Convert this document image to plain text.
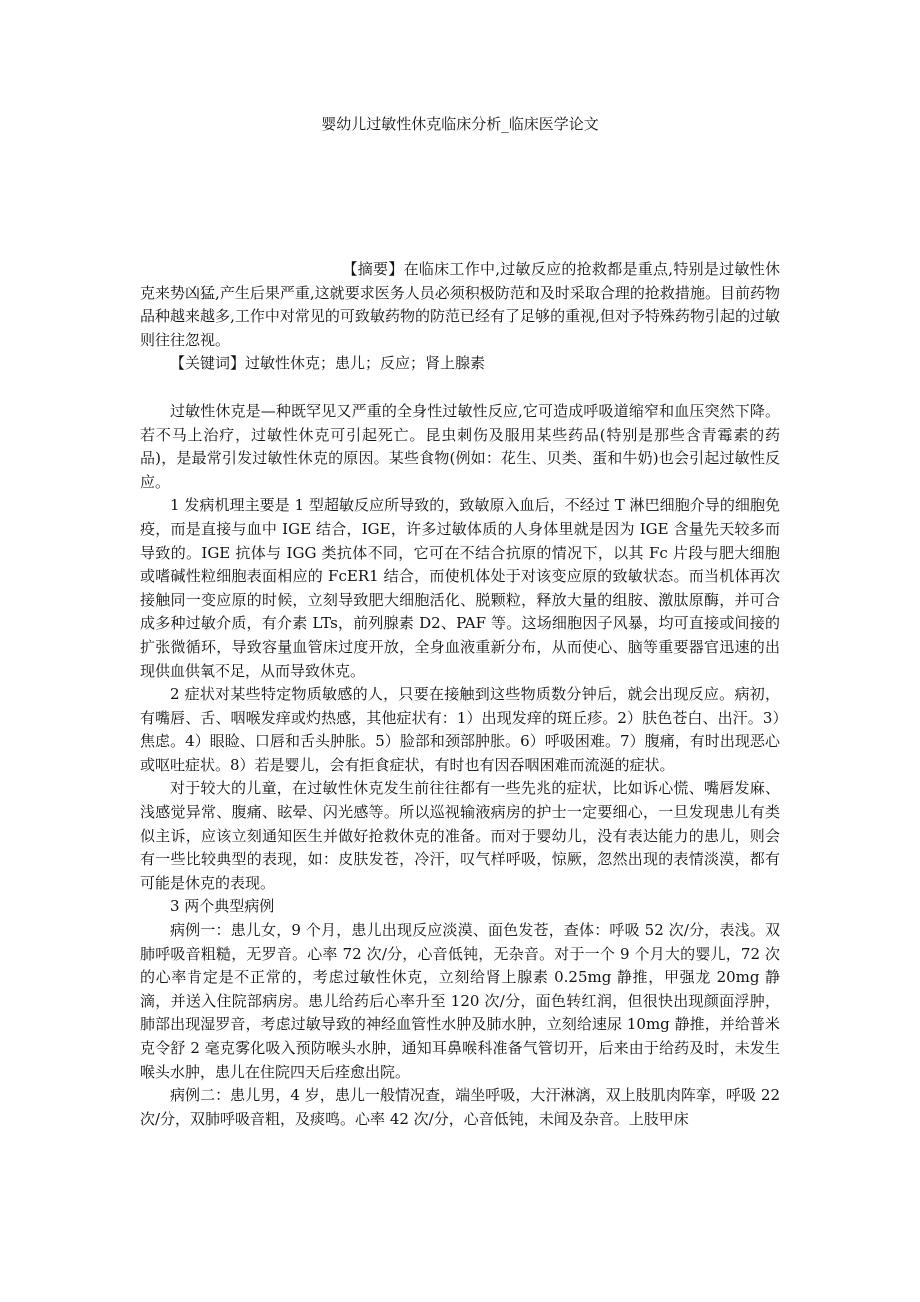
婴幼儿过敏性休克临床分析_临床医学论文

【摘要】在临床工作中,过敏反应的抢救都是重点,特别是过敏性休克来势凶猛,产生后果严重,这就要求医务人员必须积极防范和及时采取合理的抢救措施。目前药物品种越来越多,工作中对常见的可致敏药物的防范已经有了足够的重视,但对予特殊药物引起的过敏则往往忽视。

【关键词】过敏性休克；患儿；反应；肾上腺素

过敏性休克是—种既罕见又严重的全身性过敏性反应,它可造成呼吸道缩窄和血压突然下降。若不马上治疗，过敏性休克可引起死亡。昆虫刺伤及服用某些药品(特别是那些含青霉素的药品)，是最常引发过敏性休克的原因。某些食物(例如：花生、贝类、蛋和牛奶)也会引起过敏性反应。

1 发病机理主要是 1 型超敏反应所导致的，致敏原入血后，不经过 T 淋巴细胞介导的细胞免疫，而是直接与血中 IGE 结合，IGE，许多过敏体质的人身体里就是因为 IGE 含量先天较多而导致的。IGE 抗体与 IGG 类抗体不同，它可在不结合抗原的情况下，以其 Fc 片段与肥大细胞或嗜碱性粒细胞表面相应的 FcER1 结合，而使机体处于对该变应原的致敏状态。而当机体再次接触同一变应原的时候，立刻导致肥大细胞活化、脱颗粒，释放大量的组胺、激肽原酶，并可合成多种过敏介质，有介素 LTs，前列腺素 D2、PAF 等。这场细胞因子风暴，均可直接或间接的扩张微循环，导致容量血管床过度开放，全身血液重新分布，从而使心、脑等重要器官迅速的出现供血供氧不足，从而导致休克。

2 症状对某些特定物质敏感的人，只要在接触到这些物质数分钟后，就会出现反应。病初，有嘴唇、舌、咽喉发痒或灼热感，其他症状有：1）出现发痒的斑丘疹。2）肤色苍白、出汗。3）焦虑。4）眼睑、口唇和舌头肿胀。5）脸部和颈部肿胀。6）呼吸困难。7）腹痛，有时出现恶心或呕吐症状。8）若是婴儿，会有拒食症状，有时也有因吞咽困难而流涎的症状。

对于较大的儿童，在过敏性休克发生前往往都有一些先兆的症状，比如诉心慌、嘴唇发麻、浅感觉异常、腹痛、眩晕、闪光感等。所以巡视输液病房的护士一定要细心，一旦发现患儿有类似主诉，应该立刻通知医生并做好抢救休克的准备。而对于婴幼儿，没有表达能力的患儿，则会有一些比较典型的表现，如：皮肤发苍，冷汗，叹气样呼吸，惊厥，忽然出现的表情淡漠，都有可能是休克的表现。

3 两个典型病例

病例一：患儿女，9 个月，患儿出现反应淡漠、面色发苍，查体：呼吸 52 次/分，表浅。双肺呼吸音粗糙，无罗音。心率 72 次/分，心音低钝，无杂音。对于一个 9 个月大的婴儿，72 次的心率肯定是不正常的，考虑过敏性休克，立刻给肾上腺素 0.25mg 静推，甲强龙 20mg 静滴，并送入住院部病房。患儿给药后心率升至 120 次/分，面色转红润，但很快出现颜面浮肿，肺部出现湿罗音，考虑过敏导致的神经血管性水肿及肺水肿，立刻给速尿 10mg 静推，并给普米克令舒 2 毫克雾化吸入预防喉头水肿，通知耳鼻喉科准备气管切开，后来由于给药及时，未发生喉头水肿，患儿在住院四天后痊愈出院。

病例二：患儿男，4 岁，患儿一般情况查，端坐呼吸，大汗淋漓，双上肢肌肉阵挛，呼吸 22 次/分，双肺呼吸音粗，及痰鸣。心率 42 次/分，心音低钝，未闻及杂音。上肢甲床
